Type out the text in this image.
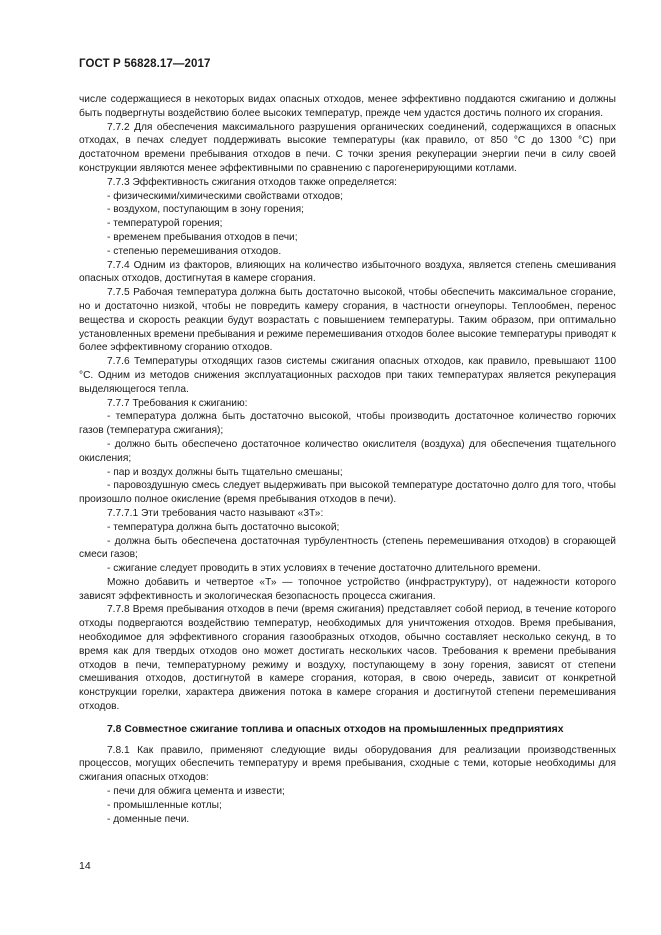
ГОСТ Р 56828.17—2017

числе содержащиеся в некоторых видах опасных отходов, менее эффективно поддаются сжиганию и должны быть подвергнуты воздействию более высоких температур, прежде чем удастся достичь полного их сгорания.

7.7.2 Для обеспечения максимального разрушения органических соединений, содержащихся в опасных отходах, в печах следует поддерживать высокие температуры (как правило, от 850 °С до 1300 °С) при достаточном времени пребывания отходов в печи. С точки зрения рекуперации энергии печи в силу своей конструкции являются менее эффективными по сравнению с парогенерирующими котлами.

7.7.3 Эффективность сжигания отходов также определяется:

- физическими/химическими свойствами отходов;

- воздухом, поступающим в зону горения;

- температурой горения;

- временем пребывания отходов в печи;

- степенью перемешивания отходов.

7.7.4 Одним из факторов, влияющих на количество избыточного воздуха, является степень смешивания опасных отходов, достигнутая в камере сгорания.

7.7.5 Рабочая температура должна быть достаточно высокой, чтобы обеспечить максимальное сгорание, но и достаточно низкой, чтобы не повредить камеру сгорания, в частности огнеупоры. Теплообмен, перенос вещества и скорость реакции будут возрастать с повышением температуры. Таким образом, при оптимально установленных времени пребывания и режиме перемешивания отходов более высокие температуры приводят к более эффективному сгоранию отходов.

7.7.6 Температуры отходящих газов системы сжигания опасных отходов, как правило, превышают 1100 °С. Одним из методов снижения эксплуатационных расходов при таких температурах является рекуперация выделяющегося тепла.

7.7.7 Требования к сжиганию:

- температура должна быть достаточно высокой, чтобы производить достаточное количество горючих газов (температура сжигания);

- должно быть обеспечено достаточное количество окислителя (воздуха) для обеспечения тщательного окисления;

- пар и воздух должны быть тщательно смешаны;

- паровоздушную смесь следует выдерживать при высокой температуре достаточно долго для того, чтобы произошло полное окисление (время пребывания отходов в печи).

7.7.7.1 Эти требования часто называют «3Т»:

- температура должна быть достаточно высокой;

- должна быть обеспечена достаточная турбулентность (степень перемешивания отходов) в сгорающей смеси газов;

- сжигание следует проводить в этих условиях в течение достаточно длительного времени.

Можно добавить и четвертое «Т» — топочное устройство (инфраструктуру), от надежности которого зависят эффективность и экологическая безопасность процесса сжигания.

7.7.8 Время пребывания отходов в печи (время сжигания) представляет собой период, в течение которого отходы подвергаются воздействию температур, необходимых для уничтожения отходов. Время пребывания, необходимое для эффективного сгорания газообразных отходов, обычно составляет несколько секунд, в то время как для твердых отходов оно может достигать нескольких часов. Требования к времени пребывания отходов в печи, температурному режиму и воздуху, поступающему в зону горения, зависят от степени смешивания отходов, достигнутой в камере сгорания, которая, в свою очередь, зависит от конкретной конструкции горелки, характера движения потока в камере сгорания и достигнутой степени перемешивания отходов.

7.8 Совместное сжигание топлива и опасных отходов на промышленных предприятиях

7.8.1 Как правило, применяют следующие виды оборудования для реализации производственных процессов, могущих обеспечить температуру и время пребывания, сходные с теми, которые необходимы для сжигания опасных отходов:

- печи для обжига цемента и извести;

- промышленные котлы;

- доменные печи.

14
